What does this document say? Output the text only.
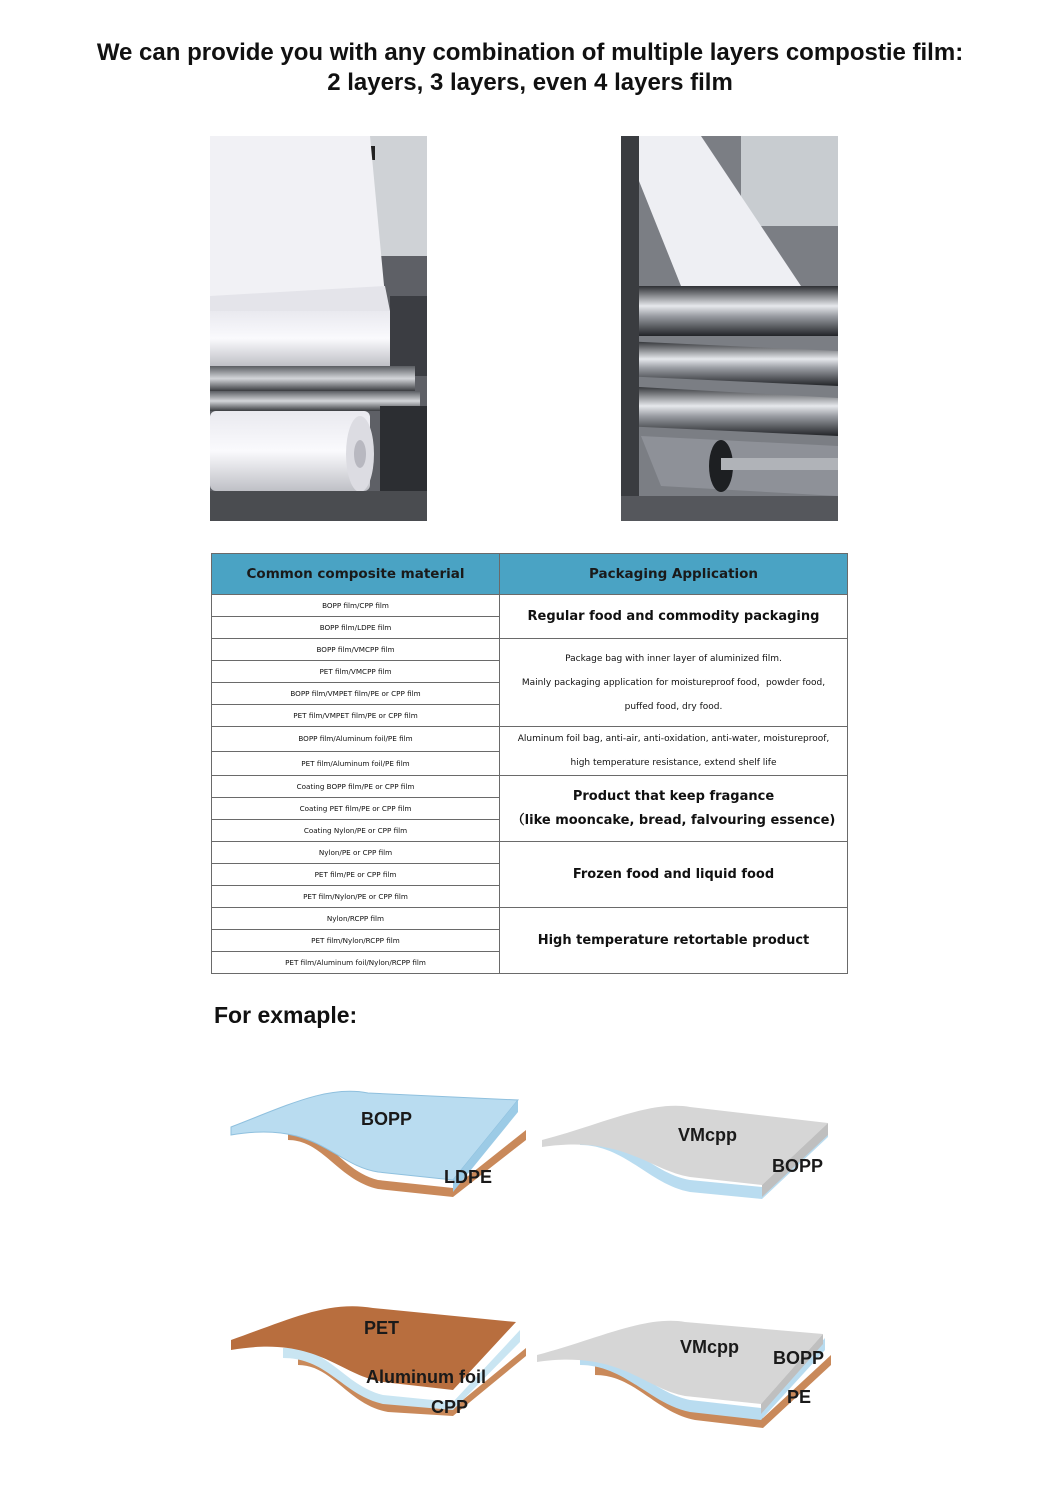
We can provide you with any combination of multiple layers compostie film:
2 layers, 3 layers, even 4 layers film
Common composite material	Packaging Application
BOPP film/CPP film	Regular food and commodity packaging

BOPP film/LDPE film	
BOPP film/VMCPP film	Package bag with inner layer of aluminized film.
Mainly packaging application for moistureproof food，powder food,
puffed food, dry food.

PET film/VMCPP film	
BOPP film/VMPET film/PE or CPP film	
PET film/VMPET film/PE or CPP film	
BOPP film/Aluminum foil/PE film	Aluminum foil bag, anti-air, anti-oxidation, anti-water, moistureproof,
high temperature resistance, extend shelf life

PET film/Aluminum foil/PE film	
Coating BOPP film/PE or CPP film	Product that keep fragance
（like mooncake, bread, falvouring essence)

Coating PET film/PE or CPP film	
Coating Nylon/PE or CPP film	
Nylon/PE or CPP film	Frozen food and liquid food

PET film/PE or CPP film	
PET film/Nylon/PE or CPP film	
Nylon/RCPP film	High temperature retortable product

PET film/Nylon/RCPP film	
PET film/Aluminum foil/Nylon/RCPP film	
For exmaple:
BOPP
LDPE
VMcpp
BOPP
PET
Aluminum foil
CPP
VMcpp
BOPP
PE
